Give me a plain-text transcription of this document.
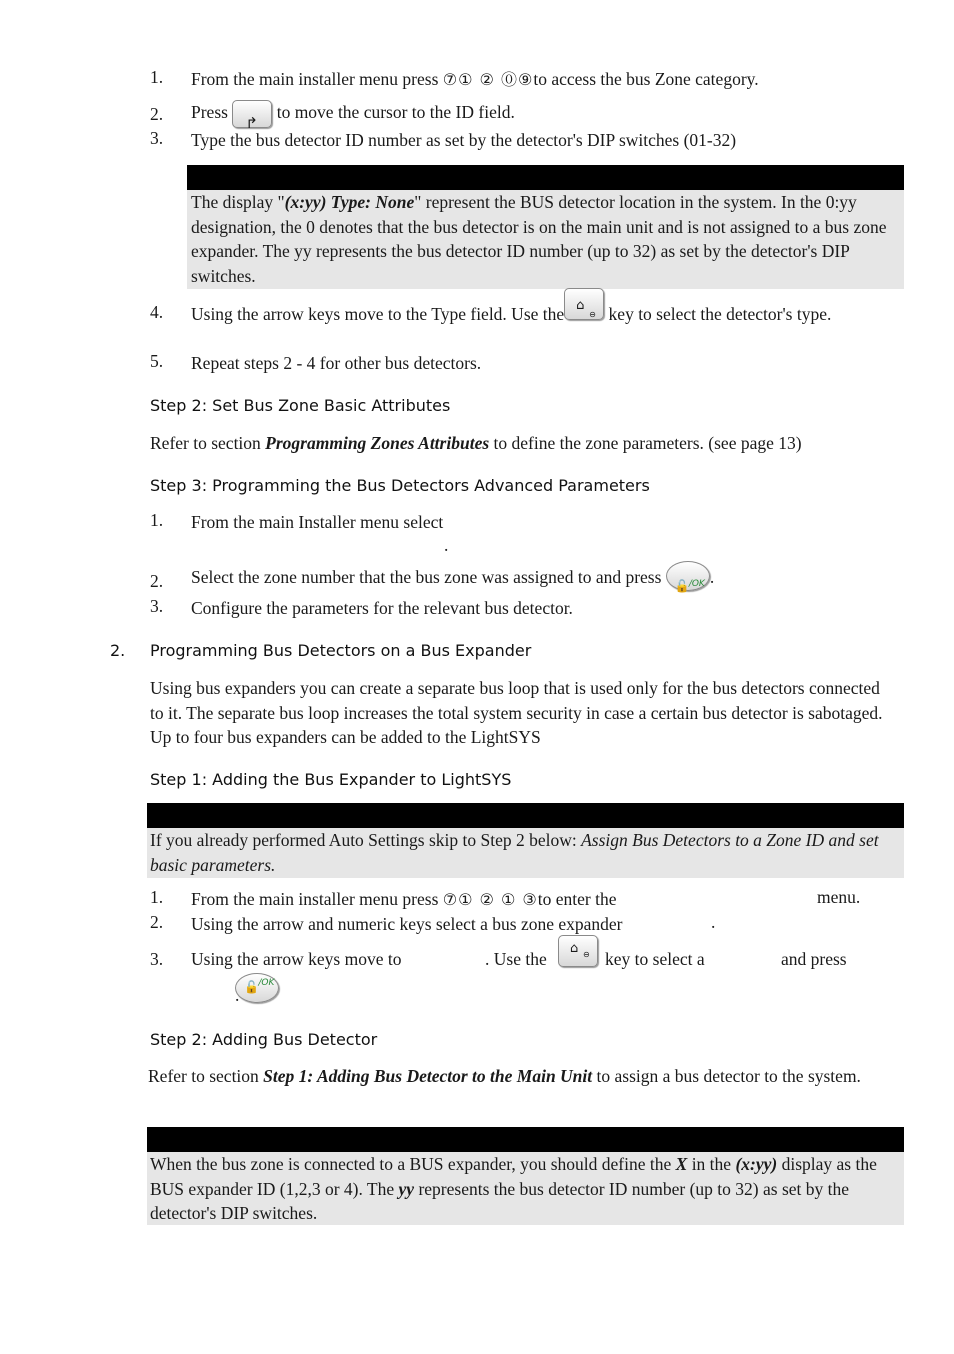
1. From the main installer menu press ⑦① ② ⓪⑨to access the bus Zone category.
2. Press
↱
to move the cursor to the ID field.
3. Type the bus detector ID number as set by the detector's DIP switches (01-32)
The display "(x:yy) Type: None" represent the BUS detector location in the system. In the 0:yy designation, the 0 denotes that the bus detector is on the main unit and is not assigned to a bus zone expander. The yy represents the bus detector ID number (up to 32) as set by the detector's DIP switches.
4. Using the arrow keys move to the Type field. Use the ⌂
⊖ key to select the detector's type.
5. Repeat steps 2 - 4 for other bus detectors.
Step 2: Set Bus Zone Basic Attributes
Refer to section Programming Zones Attributes to define the zone parameters. (see page 13)
Step 3: Programming the Bus Detectors Advanced Parameters
1. From the main Installer menu select
.
2. Select the zone number that the bus zone was assigned to and press 🔓 /OK .
3. Configure the parameters for the relevant bus detector.
2. Programming Bus Detectors on a Bus Expander
Using bus expanders you can create a separate bus loop that is used only for the bus detectors connected to it. The separate bus loop increases the total system security in case a certain bus detector is sabotaged. Up to four bus expanders can be added to the LightSYS
Step 1: Adding the Bus Expander to LightSYS
If you already performed Auto Settings skip to Step 2 below: Assign Bus Detectors to a Zone ID and set basic parameters.
1. From the main installer menu press ⑦① ② ① ③to enter the	menu.
2. Using the arrow and numeric keys select a bus zone expander	.
3. Using the arrow keys move to	. Use the
⌂ ⊖
key to select a	and press
🔓 /OK
.
Step 2: Adding Bus Detector
Refer to section Step 1: Adding Bus Detector to the Main Unit to assign a bus detector to the system.
When the bus zone is connected to a BUS expander, you should define the X in the (x:yy) display as the BUS expander ID (1,2,3 or 4). The yy represents the bus detector ID number (up to 32) as set by the detector's DIP switches.
